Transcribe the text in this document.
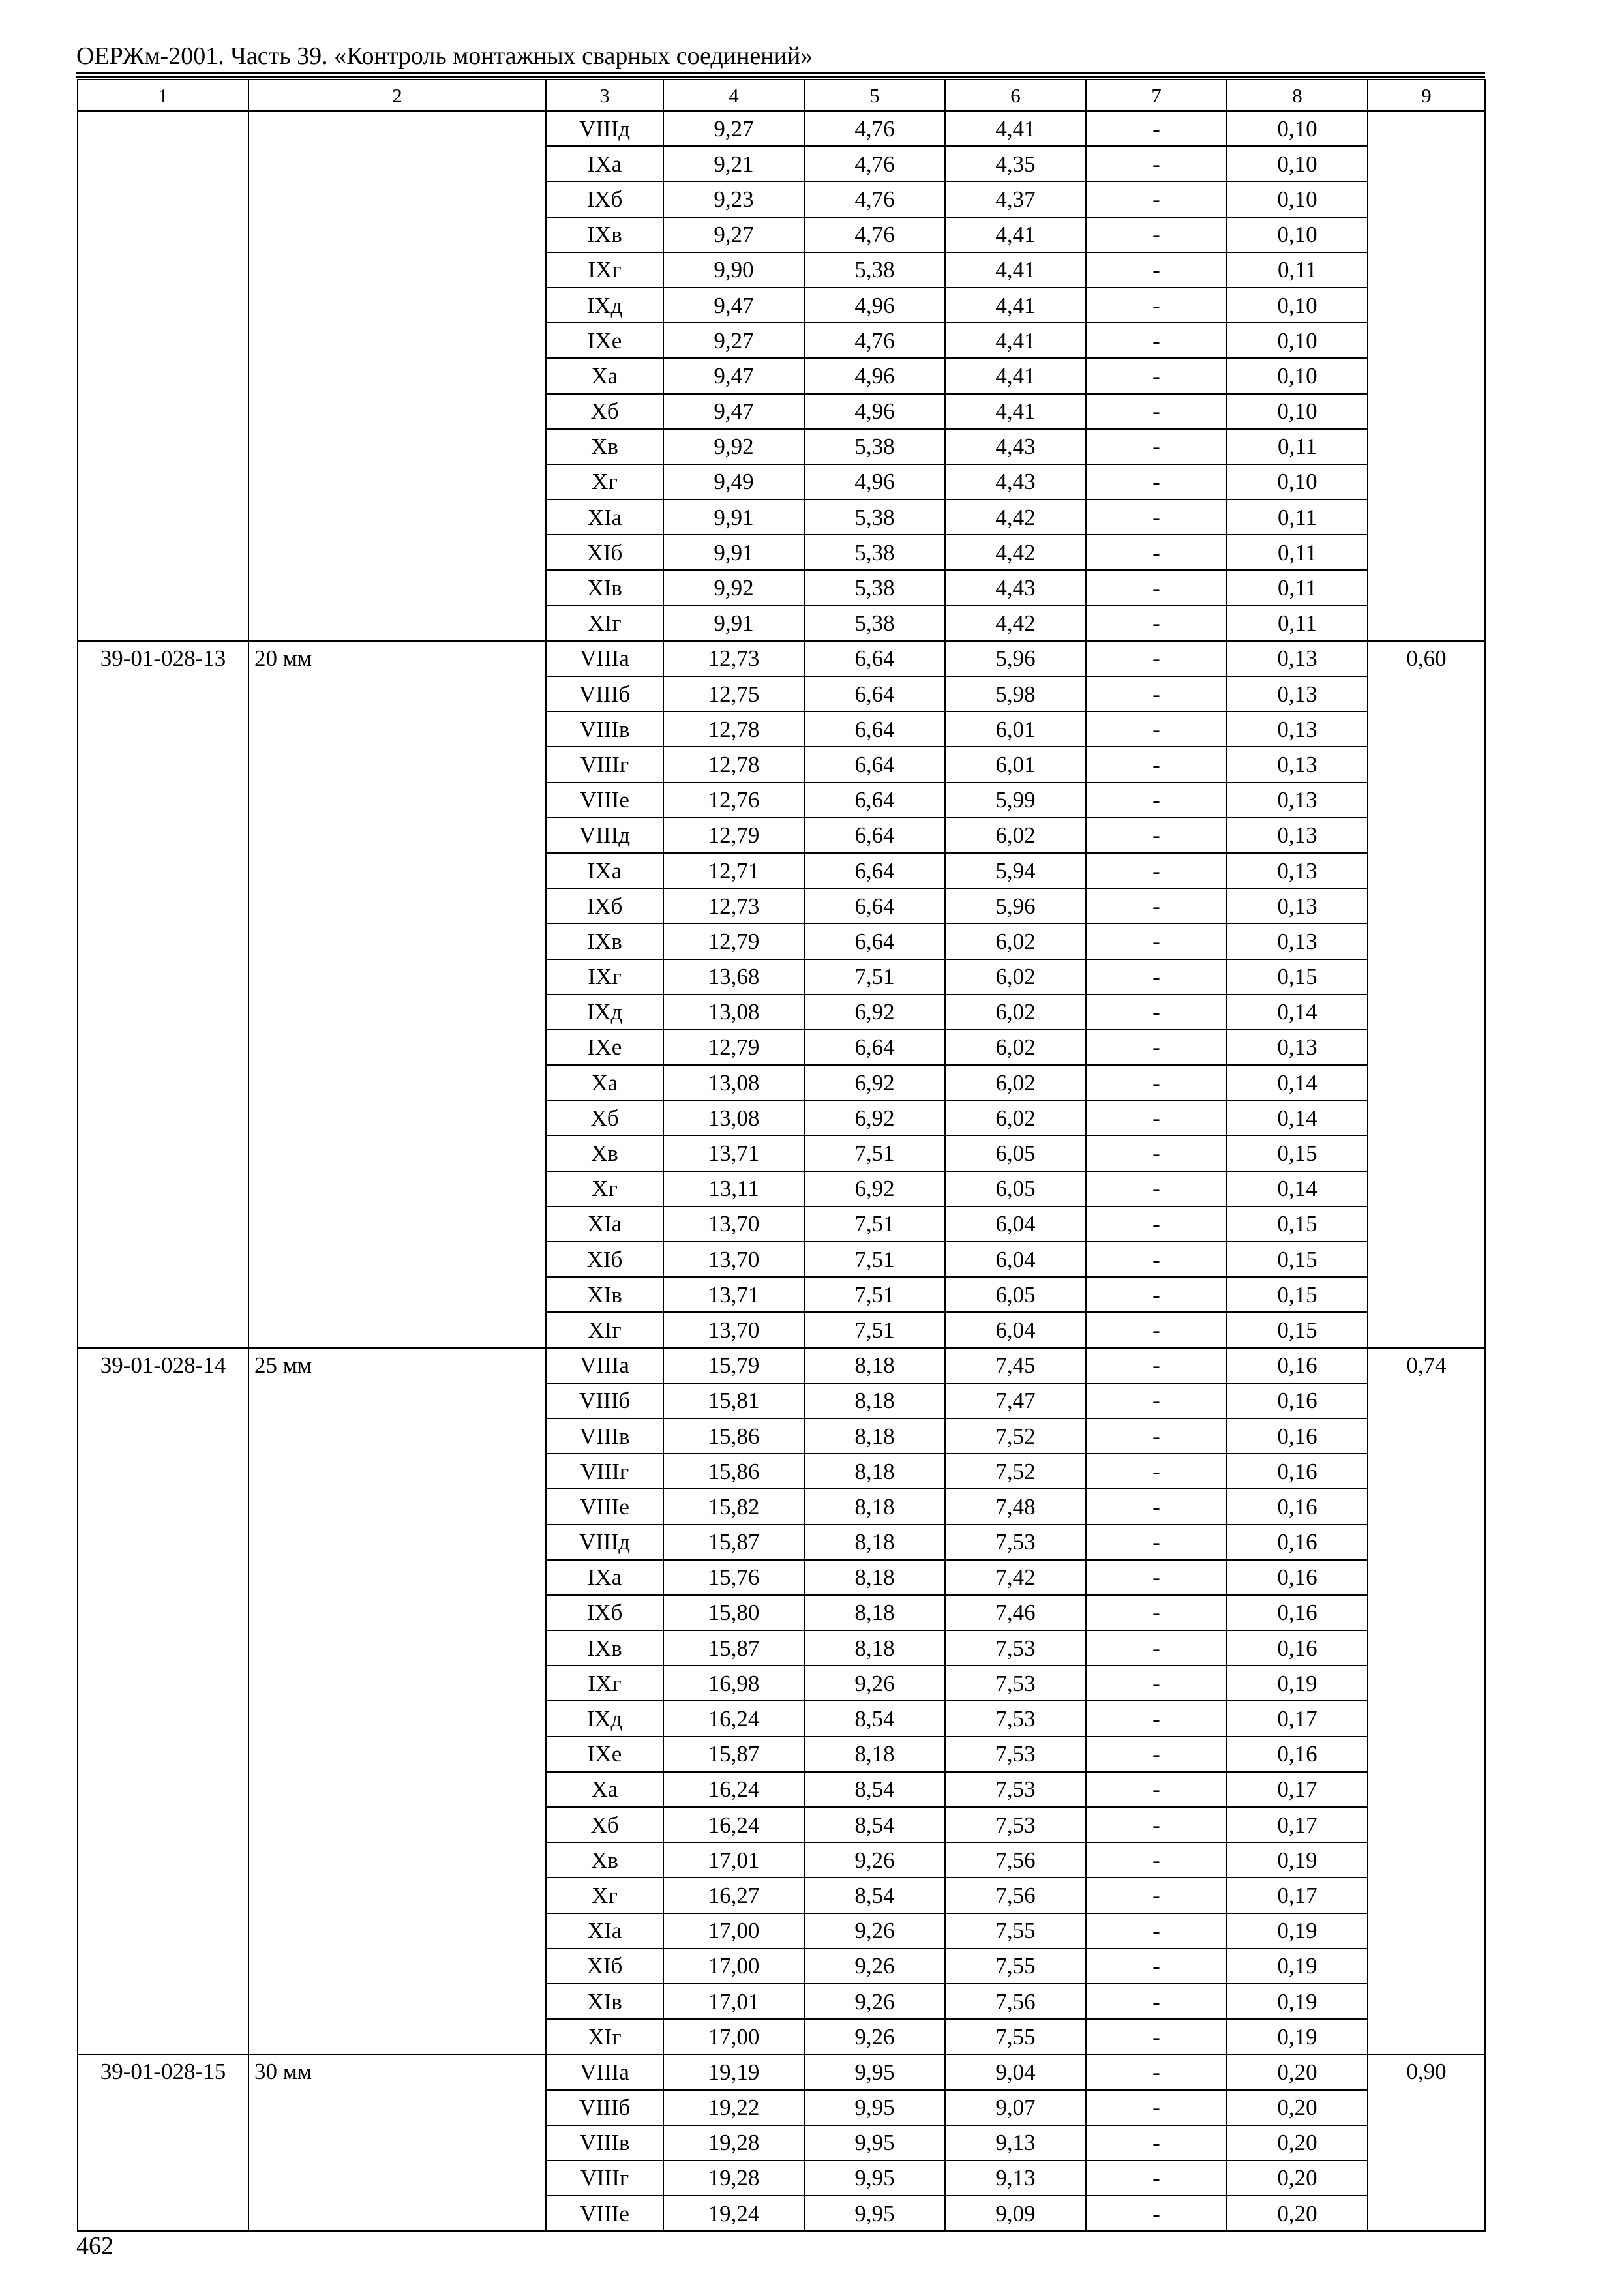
ОЕРЖм-2001. Часть 39. «Контроль монтажных сварных соединений»
1	2	3	4	5	6	7	8	9
		VIIIд	9,27	4,76	4,41	-	0,10	
		IXа	9,21	4,76	4,35	-	0,10	
		IXб	9,23	4,76	4,37	-	0,10	
		IXв	9,27	4,76	4,41	-	0,10	
		IXг	9,90	5,38	4,41	-	0,11	
		IXд	9,47	4,96	4,41	-	0,10	
		IXе	9,27	4,76	4,41	-	0,10	
		Xа	9,47	4,96	4,41	-	0,10	
		Xб	9,47	4,96	4,41	-	0,10	
		Xв	9,92	5,38	4,43	-	0,11	
		Xг	9,49	4,96	4,43	-	0,10	
		XIа	9,91	5,38	4,42	-	0,11	
		XIб	9,91	5,38	4,42	-	0,11	
		XIв	9,92	5,38	4,43	-	0,11	
		XIг	9,91	5,38	4,42	-	0,11	
39-01-028-13	20 мм	VIIIа	12,73	6,64	5,96	-	0,13	0,60
		VIIIб	12,75	6,64	5,98	-	0,13	
		VIIIв	12,78	6,64	6,01	-	0,13	
		VIIIг	12,78	6,64	6,01	-	0,13	
		VIIIе	12,76	6,64	5,99	-	0,13	
		VIIIд	12,79	6,64	6,02	-	0,13	
		IXа	12,71	6,64	5,94	-	0,13	
		IXб	12,73	6,64	5,96	-	0,13	
		IXв	12,79	6,64	6,02	-	0,13	
		IXг	13,68	7,51	6,02	-	0,15	
		IXд	13,08	6,92	6,02	-	0,14	
		IXе	12,79	6,64	6,02	-	0,13	
		Xа	13,08	6,92	6,02	-	0,14	
		Xб	13,08	6,92	6,02	-	0,14	
		Xв	13,71	7,51	6,05	-	0,15	
		Xг	13,11	6,92	6,05	-	0,14	
		XIа	13,70	7,51	6,04	-	0,15	
		XIб	13,70	7,51	6,04	-	0,15	
		XIв	13,71	7,51	6,05	-	0,15	
		XIг	13,70	7,51	6,04	-	0,15	
39-01-028-14	25 мм	VIIIа	15,79	8,18	7,45	-	0,16	0,74
		VIIIб	15,81	8,18	7,47	-	0,16	
		VIIIв	15,86	8,18	7,52	-	0,16	
		VIIIг	15,86	8,18	7,52	-	0,16	
		VIIIе	15,82	8,18	7,48	-	0,16	
		VIIIд	15,87	8,18	7,53	-	0,16	
		IXа	15,76	8,18	7,42	-	0,16	
		IXб	15,80	8,18	7,46	-	0,16	
		IXв	15,87	8,18	7,53	-	0,16	
		IXг	16,98	9,26	7,53	-	0,19	
		IXд	16,24	8,54	7,53	-	0,17	
		IXе	15,87	8,18	7,53	-	0,16	
		Xа	16,24	8,54	7,53	-	0,17	
		Xб	16,24	8,54	7,53	-	0,17	
		Xв	17,01	9,26	7,56	-	0,19	
		Xг	16,27	8,54	7,56	-	0,17	
		XIа	17,00	9,26	7,55	-	0,19	
		XIб	17,00	9,26	7,55	-	0,19	
		XIв	17,01	9,26	7,56	-	0,19	
		XIг	17,00	9,26	7,55	-	0,19	
39-01-028-15	30 мм	VIIIа	19,19	9,95	9,04	-	0,20	0,90
		VIIIб	19,22	9,95	9,07	-	0,20	
		VIIIв	19,28	9,95	9,13	-	0,20	
		VIIIг	19,28	9,95	9,13	-	0,20	
		VIIIе	19,24	9,95	9,09	-	0,20	
462
